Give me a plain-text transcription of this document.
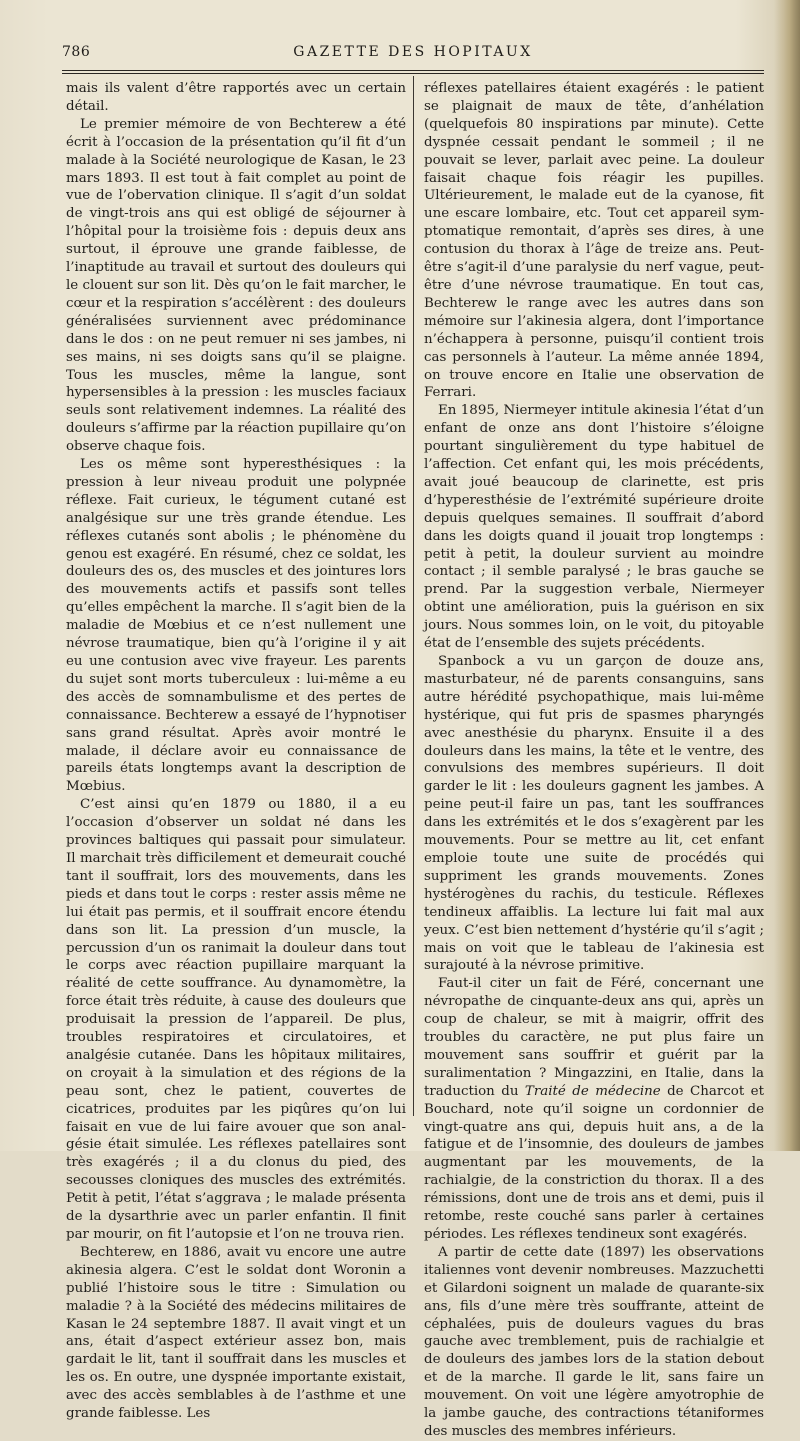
786	GAZETTE DES HOPITAUX

mais ils valent d’être rapportés avec un certain détail.

Le premier mémoire de von Bechterew a été écrit à l’occasion de la présentation qu’il fit d’un malade à la Société neurologique de Kasan, le 23 mars 1893. Il est tout à fait complet au point de vue de l’obervation clinique. Il s’agit d’un soldat de vingt-trois ans qui est obligé de séjourner à l’hôpital pour la troisième fois : depuis deux ans surtout, il éprouve une grande faiblesse, de l’inaptitude au travail et surtout des douleurs qui le clouent sur son lit. Dès qu’on le fait marcher, le cœur et la respiration s’accélèrent : des douleurs généralisées surviennent avec prédominance dans le dos : on ne peut remuer ni ses jambes, ni ses mains, ni ses doigts sans qu’il se plaigne. Tous les muscles, même la langue, sont hypersensibles à la pression : les muscles faciaux seuls sont relativement indemnes. La réalité des douleurs s’affirme par la réaction pupillaire qu’on observe chaque fois.

Les os même sont hyperesthésiques : la pression à leur niveau produit une polypnée réflexe. Fait curieux, le tégument cutané est analgésique sur une très grande étendue. Les réflexes cutanés sont abolis ; le phénomène du genou est exagéré. En résumé, chez ce soldat, les douleurs des os, des muscles et des jointures lors des mouvements actifs et passifs sont telles qu’elles empêchent la marche. Il s’agit bien de la maladie de Mœbius et ce n’est nullement une névrose traumatique, bien qu’à l’origine il y ait eu une contusion avec vive frayeur. Les parents du sujet sont morts tuberculeux : lui-même a eu des accès de somnambulisme et des pertes de connaissance. Bechterew a essayé de l’hypnotiser sans grand résultat. Après avoir montré le malade, il déclare avoir eu connaissance de pareils états longtemps avant la description de Mœbius.

C’est ainsi qu’en 1879 ou 1880, il a eu l’occasion d’observer un soldat né dans les provinces baltiques qui passait pour simulateur. Il marchait très difficilement et demeurait couché tant il souffrait, lors des mouvements, dans les pieds et dans tout le corps : rester assis même ne lui était pas permis, et il souffrait encore étendu dans son lit. La pression d’un muscle, la percussion d’un os ranimait la douleur dans tout le corps avec réaction pupillaire marquant la réalité de cette souffrance. Au dynamomètre, la force était très réduite, à cause des douleurs que produisait la pression de l’appareil. De plus, troubles respiratoires et circulatoires, et analgésie cutanée. Dans les hôpitaux militaires, on croyait à la simulation et des régions de la peau sont, chez le patient, couvertes de cicatrices, produites par les piqûres qu’on lui faisait en vue de lui faire avouer que son analgésie était simulée. Les réflexes patellaires sont très exagérés ; il a du clonus du pied, des secousses cloniques des muscles des extrémités. Petit à petit, l’état s’aggrava ; le malade présenta de la dysarthrie avec un parler enfantin. Il finit par mourir, on fit l’autopsie et l’on ne trouva rien.

Bechterew, en 1886, avait vu encore une autre akinesia algera. C’est le soldat dont Woronin a publié l’histoire sous le titre : Simulation ou maladie ? à la Société des médecins militaires de Kasan le 24 septembre 1887. Il avait vingt et un ans, était d’aspect extérieur assez bon, mais gardait le lit, tant il souffrait dans les muscles et les os. En outre, une dyspnée importante existait, avec des accès semblables à de l’asthme et une grande faiblesse. Les

réflexes patellaires étaient exagérés : le patient se plaignait de maux de tête, d’anhélation (quelquefois 80 inspirations par minute). Cette dyspnée cessait pendant le sommeil ; il ne pouvait se lever, parlait avec peine. La douleur faisait chaque fois réagir les pupilles. Ultérieurement, le malade eut de la cyanose, fit une escare lombaire, etc. Tout cet appareil symptomatique remontait, d’après ses dires, à une contusion du thorax à l’âge de treize ans. Peut-être s’agit-il d’une paralysie du nerf vague, peut-être d’une névrose traumatique. En tout cas, Bechterew le range avec les autres dans son mémoire sur l’akinesia algera, dont l’importance n’échappera à personne, puisqu’il contient trois cas personnels à l’auteur. La même année 1894, on trouve encore en Italie une observation de Ferrari.

En 1895, Niermeyer intitule akinesia l’état d’un enfant de onze ans dont l’histoire s’éloigne pourtant singulièrement du type habituel de l’affection. Cet enfant qui, les mois précédents, avait joué beaucoup de clarinette, est pris d’hyperesthésie de l’extrémité supérieure droite depuis quelques semaines. Il souffrait d’abord dans les doigts quand il jouait trop longtemps : petit à petit, la douleur survient au moindre contact ; il semble paralysé ; le bras gauche se prend. Par la suggestion verbale, Niermeyer obtint une amélioration, puis la guérison en six jours. Nous sommes loin, on le voit, du pitoyable état de l’ensemble des sujets précédents.

Spanbock a vu un garçon de douze ans, masturbateur, né de parents consanguins, sans autre hérédité psychopathique, mais lui-même hystérique, qui fut pris de spasmes pharyngés avec anesthésie du pharynx. Ensuite il a des douleurs dans les mains, la tête et le ventre, des convulsions des membres supérieurs. Il doit garder le lit : les douleurs gagnent les jambes. A peine peut-il faire un pas, tant les souffrances dans les extrémités et le dos s’exagèrent par les mouvements. Pour se mettre au lit, cet enfant emploie toute une suite de procédés qui suppriment les grands mouvements. Zones hystérogènes du rachis, du testicule. Réflexes tendineux affaiblis. La lecture lui fait mal aux yeux. C’est bien nettement d’hystérie qu’il s’agit ; mais on voit que le tableau de l’akinesia est surajouté à la névrose primitive.

Faut-il citer un fait de Féré, concernant une névropathe de cinquante-deux ans qui, après un coup de chaleur, se mit à maigrir, offrit des troubles du caractère, ne put plus faire un mouvement sans souffrir et guérit par la suralimentation ? Mingazzini, en Italie, dans la traduction du Traité de médecine de Charcot et Bouchard, note qu’il soigne un cordonnier de vingt-quatre ans qui, depuis huit ans, a de la fatigue et de l’insomnie, des douleurs de jambes augmentant par les mouvements, de la rachialgie, de la constriction du thorax. Il a des rémissions, dont une de trois ans et demi, puis il retombe, reste couché sans parler à certaines périodes. Les réflexes tendineux sont exagérés.

A partir de cette date (1897) les observations italiennes vont devenir nombreuses. Mazzuchetti et Gilardoni soignent un malade de quarante-six ans, fils d’une mère très souffrante, atteint de céphalées, puis de douleurs vagues du bras gauche avec tremblement, puis de rachialgie et de douleurs des jambes lors de la station debout et de la marche. Il garde le lit, sans faire un mouvement. On voit une légère amyotrophie de la jambe gauche, des contractions tétaniformes des muscles des membres inférieurs.
